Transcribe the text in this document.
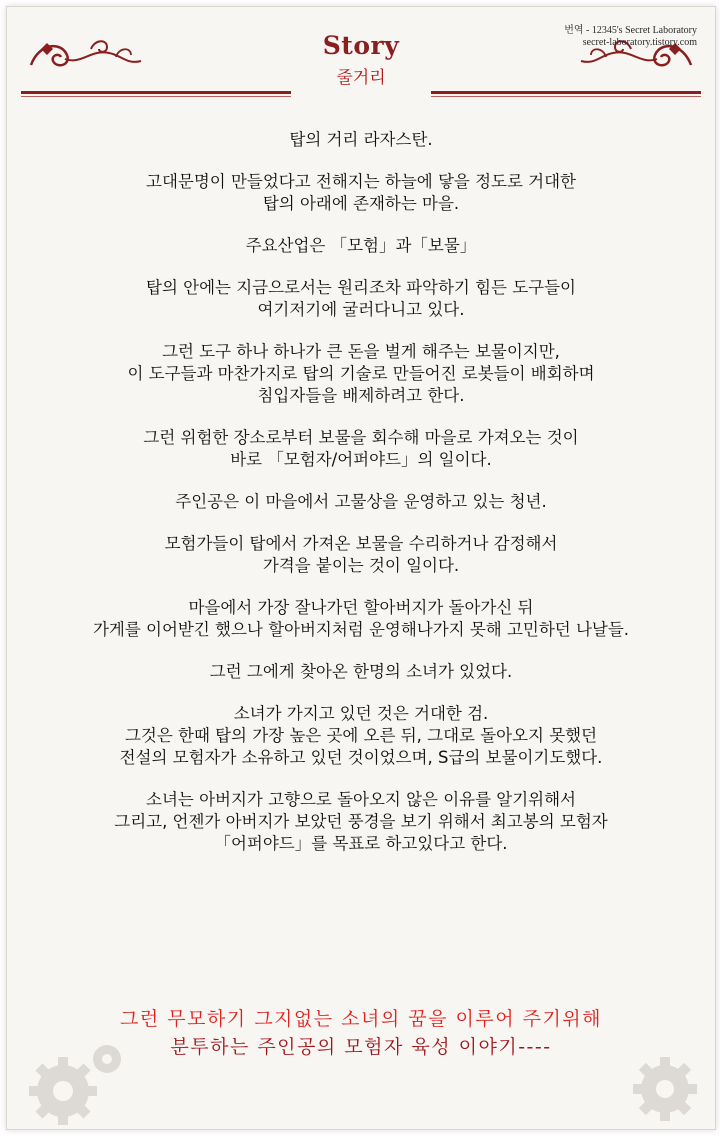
Story
줄거리
번역 - 12345's Secret Laboratory
secret-laboratory.tistory.com
탑의 거리 라자스탄.
고대문명이 만들었다고 전해지는 하늘에 닿을 정도로 거대한
탑의 아래에 존재하는 마을.
주요산업은 「모험」과「보물」
탑의 안에는 지금으로서는 원리조차 파악하기 힘든 도구들이
여기저기에 굴러다니고 있다.
그런 도구 하나 하나가 큰 돈을 벌게 해주는 보물이지만,
이 도구들과 마찬가지로 탑의 기술로 만들어진 로봇들이 배회하며
침입자들을 배제하려고 한다.
그런 위험한 장소로부터 보물을 회수해 마을로 가져오는 것이
바로 「모험자/어퍼야드」의 일이다.
주인공은 이 마을에서 고물상을 운영하고 있는 청년.
모험가들이 탑에서 가져온 보물을 수리하거나 감정해서
가격을 붙이는 것이 일이다.
마을에서 가장 잘나가던 할아버지가 돌아가신 뒤
가게를 이어받긴 했으나 할아버지처럼 운영해나가지 못해 고민하던 나날들.
그런 그에게 찾아온 한명의 소녀가 있었다.
소녀가 가지고 있던 것은 거대한 검.
그것은 한때 탑의 가장 높은 곳에 오른 뒤, 그대로 돌아오지 못했던
전설의 모험자가 소유하고 있던 것이었으며, S급의 보물이기도했다.
소녀는 아버지가 고향으로 돌아오지 않은 이유를 알기위해서
그리고, 언젠가 아버지가 보았던 풍경을 보기 위해서 최고봉의 모험자
「어퍼야드」를 목표로 하고있다고 한다.
그런 무모하기 그지없는 소녀의 꿈을 이루어 주기위해
분투하는 주인공의 모험자 육성 이야기----
